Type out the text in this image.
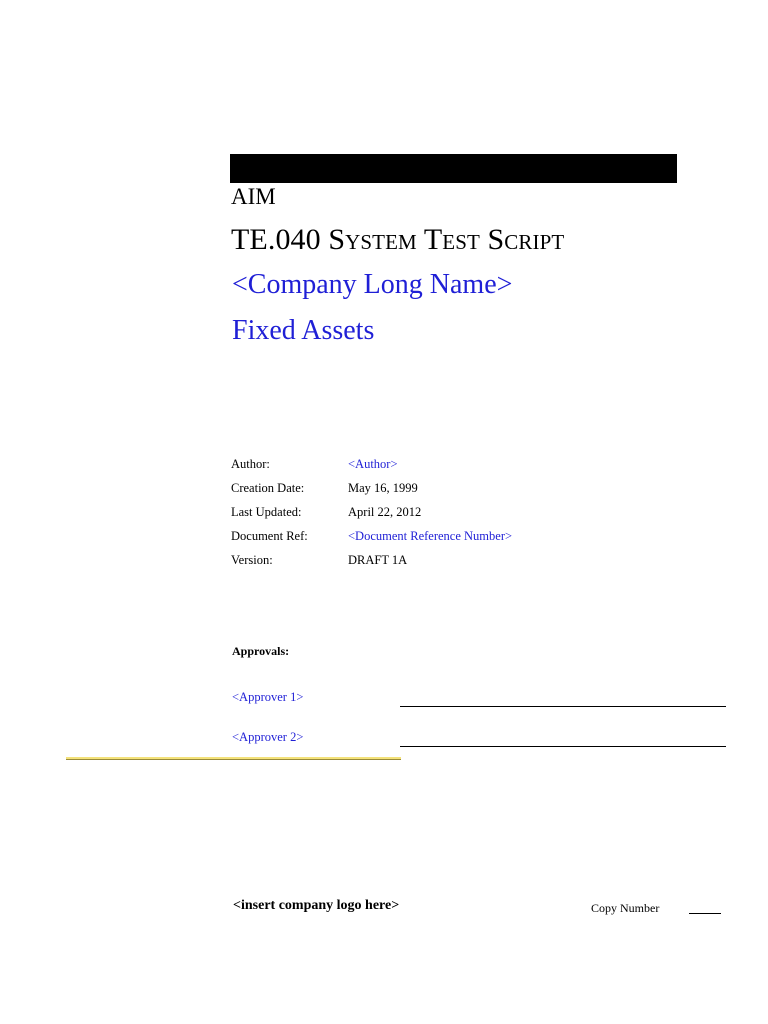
AIM
TE.040 System Test Script
<Company Long Name>
Fixed Assets
Author:	<Author>
Creation Date:	May 16, 1999
Last Updated:	April 22, 2012
Document Ref:	<Document Reference Number>
Version:	DRAFT 1A
Approvals:
<Approver 1>
<Approver 2>
<insert company logo here>	Copy Number
